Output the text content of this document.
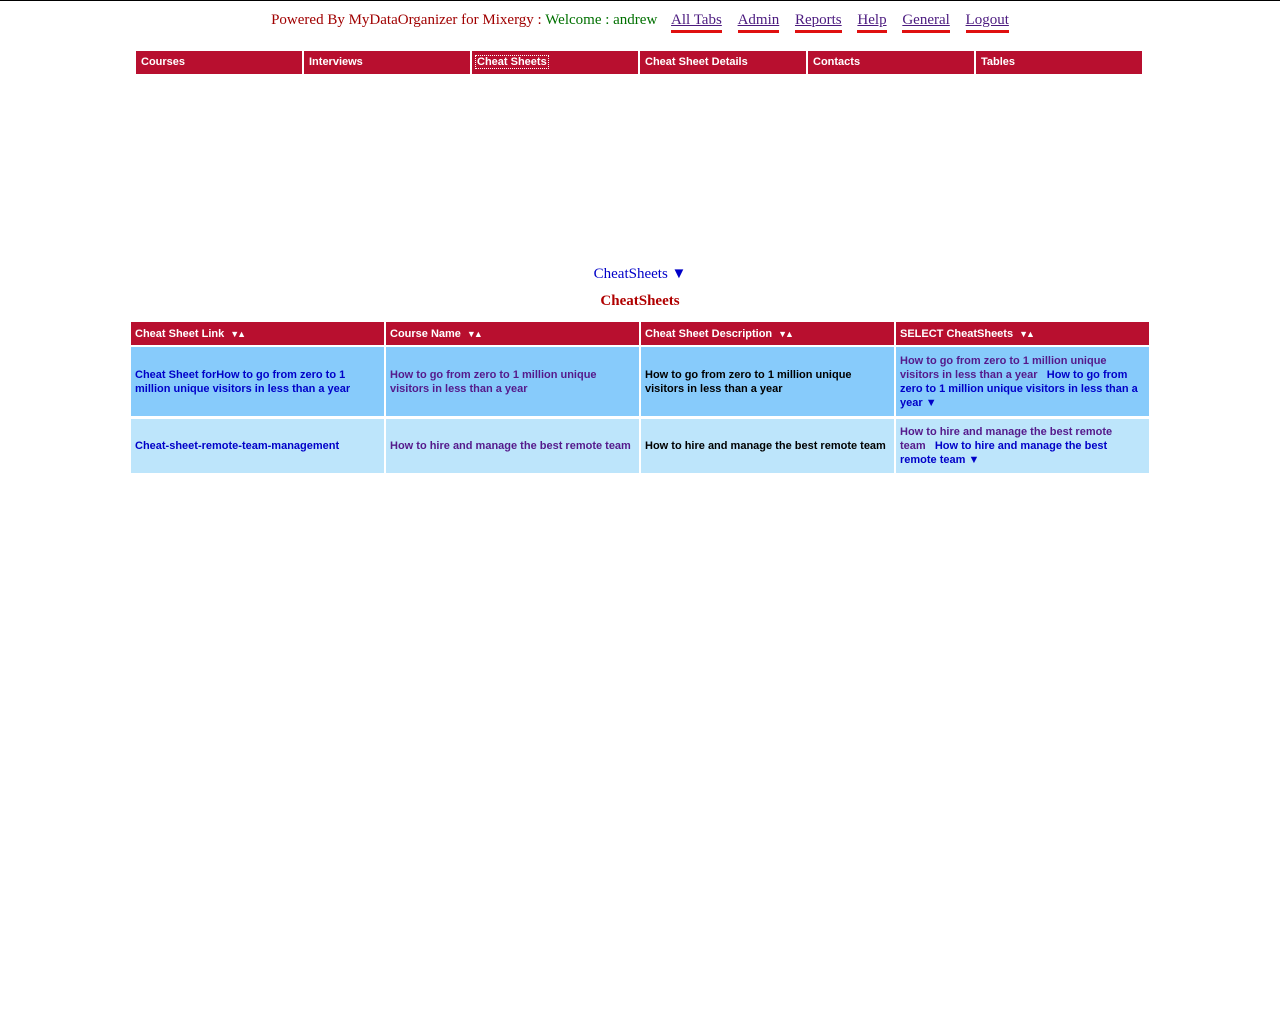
Powered By MyDataOrganizer for Mixergy : Welcome : andrew All Tabs Admin Reports Help General Logout
Courses	Interviews	Cheat Sheets	Cheat Sheet Details	Contacts	Tables
CheatSheets ▼
CheatSheets
Cheat Sheet Link ▼▲	Course Name ▼▲	Cheat Sheet Description ▼▲	SELECT CheatSheets ▼▲
Cheat Sheet forHow to go from zero to 1 million unique visitors in less than a year	How to go from zero to 1 million unique visitors in less than a year	How to go from zero to 1 million unique visitors in less than a year	How to go from zero to 1 million unique visitors in less than a year How to go from zero to 1 million unique visitors in less than a year ▼
Cheat-sheet-remote-team-management	How to hire and manage the best remote team	How to hire and manage the best remote team	How to hire and manage the best remote team How to hire and manage the best remote team ▼
